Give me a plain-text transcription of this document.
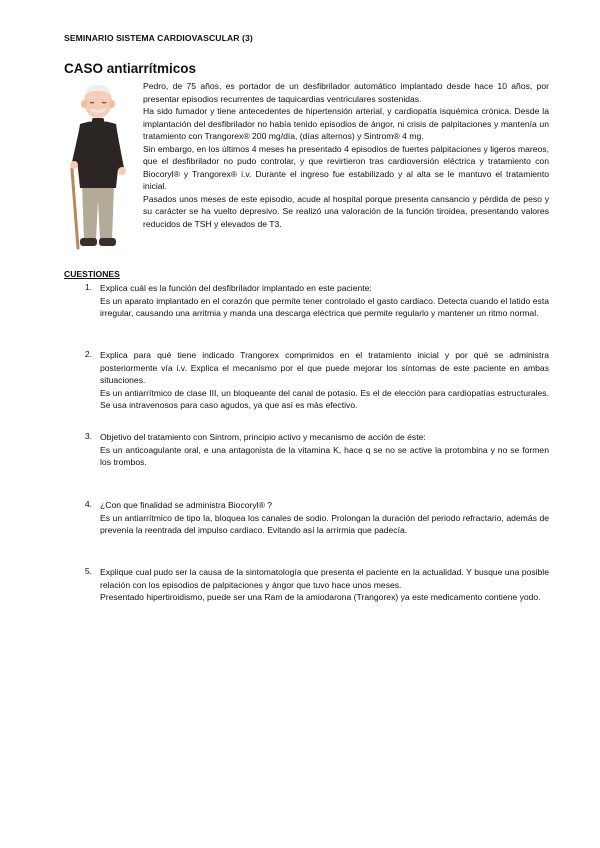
SEMINARIO SISTEMA CARDIOVASCULAR (3)
CASO antiarrítmicos

Pedro, de 75 años, es portador de un desfibrilador automático implantado desde hace 10 años, por presentar episodios recurrentes de taquicardias ventriculares sostenidas.

Ha sido fumador y tiene antecedentes de hipertensión arterial, y cardiopatía isquémica crónica. Desde la implantación del desfibrilador no había tenido episodios de ángor, ni crisis de palpitaciones y mantenía un tratamiento con Trangorex® 200 mg/día, (días alternos) y Sintrom® 4 mg.

Sin embargo, en los últimos 4 meses ha presentado 4 episodios de fuertes palpitaciones y ligeros mareos, que el desfibrilador no pudo controlar, y que revirtieron tras cardioversión eléctrica y tratamiento con Biocoryl® y Trangorex® i.v. Durante el ingreso fue estabilizado y al alta se le mantuvo el tratamiento inicial.

Pasados unos meses de este episodio, acude al hospital porque presenta cansancio y pérdida de peso y su carácter se ha vuelto depresivo. Se realizó una valoración de la función tiroidea, presentando valores reducidos de TSH y elevados de T3.

CUESTIONES
1. Explica cuál es la función del desfibrilador implantado en este paciente:
Es un aparato implantado en el corazón que permite tener controlado el gasto cardiaco. Detecta cuando el latido esta irregular, causando una arritmia y manda una descarga eléctrica que permite regularlo y mantener un ritmo normal.
2. Explica para qué tiene indicado Trangorex comprimidos en el tratamiento inicial y por qué se administra posteriormente vía i.v. Explica el mecanismo por el que puede mejorar los síntomas de este paciente en ambas situaciones.
Es un antiarrítmico de clase III, un bloqueante del canal de potasio. Es el de elección para cardiopatías estructurales. Se usa intravenosos para caso agudos, ya que así es más efectivo.
3. Objetivo del tratamiento con Sintrom, principio activo y mecanismo de acción de éste:
Es un anticoagulante oral, e una antagonista de la vitamina K, hace q se no se active la protombina y no se formen los trombos.
4. ¿Con que finalidad se administra Biocoryl® ?
Es un antiarrítmico de tipo Ia, bloquea los canales de sodio. Prolongan la duración del periodo refractario, además de prevenía la reentrada del impulso cardiaco. Evitando así la arrirmia que padecía.
5. Explique cual pudo ser la causa de la sintomatología que presenta el paciente en la actualidad. Y busque una posible relación con los episodios de palpitaciones y ángor que tuvo hace unos meses.
Presentado hipertiroidismo, puede ser una Ram de la amiodarona (Trangorex) ya este medicamento contiene yodo.
